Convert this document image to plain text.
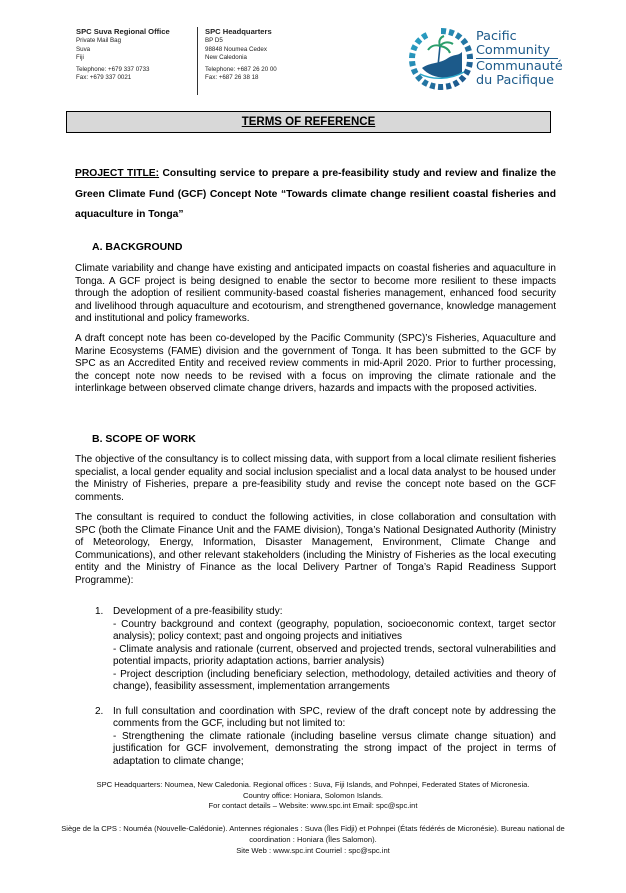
SPC Suva Regional Office
Private Mail Bag
Suva
Fiji
Telephone: +679 337 0733
Fax: +679 337 0021
SPC Headquarters
BP D5
98848 Noumea Cedex
New Caledonia
Telephone: +687 26 20 00
Fax: +687 26 38 18
Pacific
Community
Communauté
du Pacifique
TERMS OF REFERENCE
PROJECT TITLE: Consulting service to prepare a pre-feasibility study and review and finalize the Green Climate Fund (GCF) Concept Note “Towards climate change resilient coastal fisheries and aquaculture in Tonga”
A. BACKGROUND

Climate variability and change have existing and anticipated impacts on coastal fisheries and aquaculture in Tonga. A GCF project is being designed to enable the sector to become more resilient to these impacts through the adoption of resilient community-based coastal fisheries management, enhanced food security and livelihood through aquaculture and ecotourism, and strengthened governance, knowledge management and institutional and policy frameworks.

A draft concept note has been co-developed by the Pacific Community (SPC)’s Fisheries, Aquaculture and Marine Ecosystems (FAME) division and the government of Tonga. It has been submitted to the GCF by SPC as an Accredited Entity and received review comments in mid-April 2020. Prior to further processing, the concept note now needs to be revised with a focus on improving the climate rationale and the interlinkage between observed climate change drivers, hazards and impacts with the proposed activities.

B. SCOPE OF WORK

The objective of the consultancy is to collect missing data, with support from a local climate resilient fisheries specialist, a local gender equality and social inclusion specialist and a local data analyst to be housed under the Ministry of Fisheries, prepare a pre-feasibility study and revise the concept note based on the GCF comments.

The consultant is required to conduct the following activities, in close collaboration and consultation with SPC (both the Climate Finance Unit and the FAME division), Tonga’s National Designated Authority (Ministry of Meteorology, Energy, Information, Disaster Management, Environment, Climate Change and Communications), and other relevant stakeholders (including the Ministry of Fisheries as the local executing entity and the Ministry of Finance as the local Delivery Partner of Tonga’s Rapid Readiness Support Programme):

1. Development of a pre-feasibility study:
- Country background and context (geography, population, socioeconomic context, target sector analysis); policy context; past and ongoing projects and initiatives
- Climate analysis and rationale (current, observed and projected trends, sectoral vulnerabilities and potential impacts, priority adaptation actions, barrier analysis)
- Project description (including beneficiary selection, methodology, detailed activities and theory of change), feasibility assessment, implementation arrangements
2. In full consultation and coordination with SPC, review of the draft concept note by addressing the comments from the GCF, including but not limited to:
- Strengthening the climate rationale (including baseline versus climate change situation) and justification for GCF involvement, demonstrating the strong impact of the project in terms of adaptation to climate change;
SPC Headquarters: Noumea, New Caledonia. Regional offices : Suva, Fiji Islands, and Pohnpei, Federated States of Micronesia.
Country office: Honiara, Solomon Islands.
For contact details – Website: www.spc.int Email: spc@spc.int
Siège de la CPS : Nouméa (Nouvelle-Calédonie). Antennes régionales : Suva (Îles Fidji) et Pohnpei (États fédérés de Micronésie). Bureau national de coordination : Honiara (Îles Salomon).
Site Web : www.spc.int Courriel : spc@spc.int
